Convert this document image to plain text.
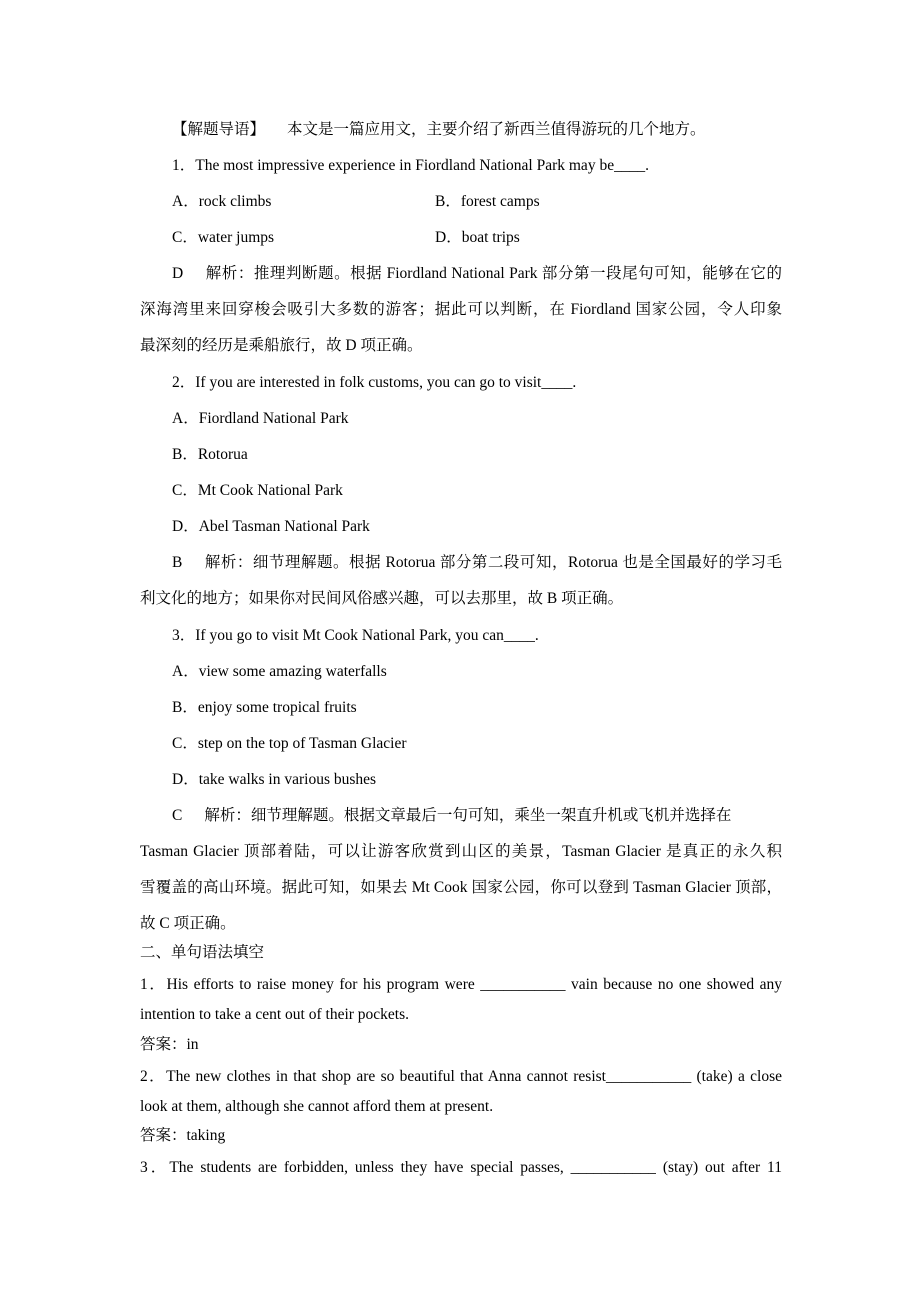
【解题导语】 本文是一篇应用文，主要介绍了新西兰值得游玩的几个地方。
1．The most impressive experience in Fiordland National Park may be____.
A．rock climbs	B．forest camps
C．water jumps	D．boat trips
D 解析：推理判断题。根据 Fiordland National Park 部分第一段尾句可知，能够在它的
深海湾里来回穿梭会吸引大多数的游客；据此可以判断，在 Fiordland 国家公园，令人印象
最深刻的经历是乘船旅行，故 D 项正确。
2．If you are interested in folk customs, you can go to visit____.
A．Fiordland National Park
B．Rotorua
C．Mt Cook National Park
D．Abel Tasman National Park
B 解析：细节理解题。根据 Rotorua 部分第二段可知，Rotorua 也是全国最好的学习毛
利文化的地方；如果你对民间风俗感兴趣，可以去那里，故 B 项正确。
3．If you go to visit Mt Cook National Park, you can____.
A．view some amazing waterfalls
B．enjoy some tropical fruits
C．step on the top of Tasman Glacier
D．take walks in various bushes
C 解析：细节理解题。根据文章最后一句可知，乘坐一架直升机或飞机并选择在
Tasman Glacier 顶部着陆，可以让游客欣赏到山区的美景，Tasman Glacier 是真正的永久积
雪覆盖的高山环境。据此可知，如果去 Mt Cook 国家公园，你可以登到 Tasman Glacier 顶部，
故 C 项正确。
二、单句语法填空
1．His efforts to raise money for his program were ___________ vain because no one showed any
intention to take a cent out of their pockets.
答案：in
2．The new clothes in that shop are so beautiful that Anna cannot resist___________ (take) a close
look at them, although she cannot afford them at present.
答案：taking
3．The students are forbidden, unless they have special passes, ___________ (stay) out after 11
